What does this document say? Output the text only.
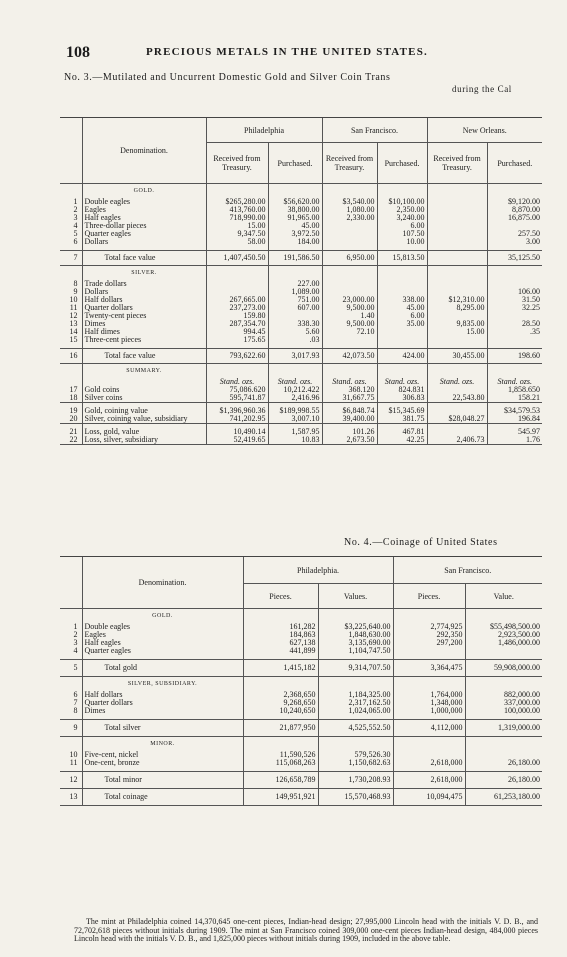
108	PRECIOUS METALS IN THE UNITED STATES.
No. 3.—Mutilated and Uncurrent Domestic Gold and Silver Coin Trans
during the Cal
	Denomination.	Philadelphia		San Francisco.		New Orleans.	
		Received from Treasury.	Purchased.	Received from Treasury.	Purchased.	Received from Treasury.	Purchased.
	GOLD.						
1	Double eagles	$265,280.00	$56,620.00	$3,540.00	$10,100.00		$9,120.00
2	Eagles	413,760.00	38,800.00	1,080.00	2,350.00		8,870.00
3	Half eagles	718,990.00	91,965.00	2,330.00	3,240.00		16,875.00
4	Three-dollar pieces	15.00	45.00		6.00		
5	Quarter eagles	9,347.50	3,972.50		107.50		257.50
6	Dollars	58.00	184.00		10.00		3.00

7	Total face value	1,407,450.50	191,586.50	6,950.00	15,813.50		35,125.50
	SILVER.						
8	Trade dollars		227.00				
9	Dollars		1,089.00				106.00
10	Half dollars	267,665.00	751.00	23,000.00	338.00	$12,310.00	31.50
11	Quarter dollars	237,273.00	607.00	9,500.00	45.00	8,295.00	32.25
12	Twenty-cent pieces	159.80		1.40	6.00		
13	Dimes	287,354.70	338.30	9,500.00	35.00	9,835.00	28.50
14	Half dimes	994.45	5.60	72.10		15.00	.35
15	Three-cent pieces	175.65	.03				

16	Total face value	793,622.60	3,017.93	42,073.50	424.00	30,455.00	198.60
	SUMMARY.						
		Stand. ozs.	Stand. ozs.	Stand. ozs.	Stand. ozs.	Stand. ozs.	Stand. ozs.
17	Gold coins	75,086.620	10,212.422	368.120	824.831		1,858.650
18	Silver coins	595,741.87	2,416.96	31,667.75	306.83	22,543.80	158.21

19	Gold, coining value	$1,396,960.36	$189,998.55	$6,848.74	$15,345.69		$34,579.53
20	Silver, coining value, subsidiary	741,202.95	3,007.10	39,400.00	381.75	$28,048.27	196.84

21	Loss, gold, value	10,490.14	1,587.95	101.26	467.81		545.97
22	Loss, silver, subsidiary	52,419.65	10.83	2,673.50	42.25	2,406.73	1.76
No. 4.—Coinage of United States
	Denomination.	Philadelphia.		San Francisco.	
		Pieces.	Values.	Pieces.	Value.
	GOLD.				
1	Double eagles	161,282	$3,225,640.00	2,774,925	$55,498,500.00
2	Eagles	184,863	1,848,630.00	292,350	2,923,500.00
3	Half eagles	627,138	3,135,690.00	297,200	1,486,000.00
4	Quarter eagles	441,899	1,104,747.50		

5	Total gold	1,415,182	9,314,707.50	3,364,475	59,908,000.00
	SILVER, SUBSIDIARY.				
6	Half dollars	2,368,650	1,184,325.00	1,764,000	882,000.00
7	Quarter dollars	9,268,650	2,317,162.50	1,348,000	337,000.00
8	Dimes	10,240,650	1,024,065.00	1,000,000	100,000.00

9	Total silver	21,877,950	4,525,552.50	4,112,000	1,319,000.00
	MINOR.				
10	Five-cent, nickel	11,590,526	579,526.30		
11	One-cent, bronze	115,068,263	1,150,682.63	2,618,000	26,180.00

12	Total minor	126,658,789	1,730,208.93	2,618,000	26,180.00
13	Total coinage	149,951,921	15,570,468.93	10,094,475	61,253,180.00
The mint at Philadelphia coined 14,370,645 one-cent pieces, Indian-head design; 27,995,000 Lincoln head with the initials V. D. B., and 72,702,618 pieces without initials during 1909. The mint at San Francisco coined 309,000 one-cent pieces Indian-head design, 484,000 pieces Lincoln head with the initials V. D. B., and 1,825,000 pieces without initials during 1909, included in the above table.
